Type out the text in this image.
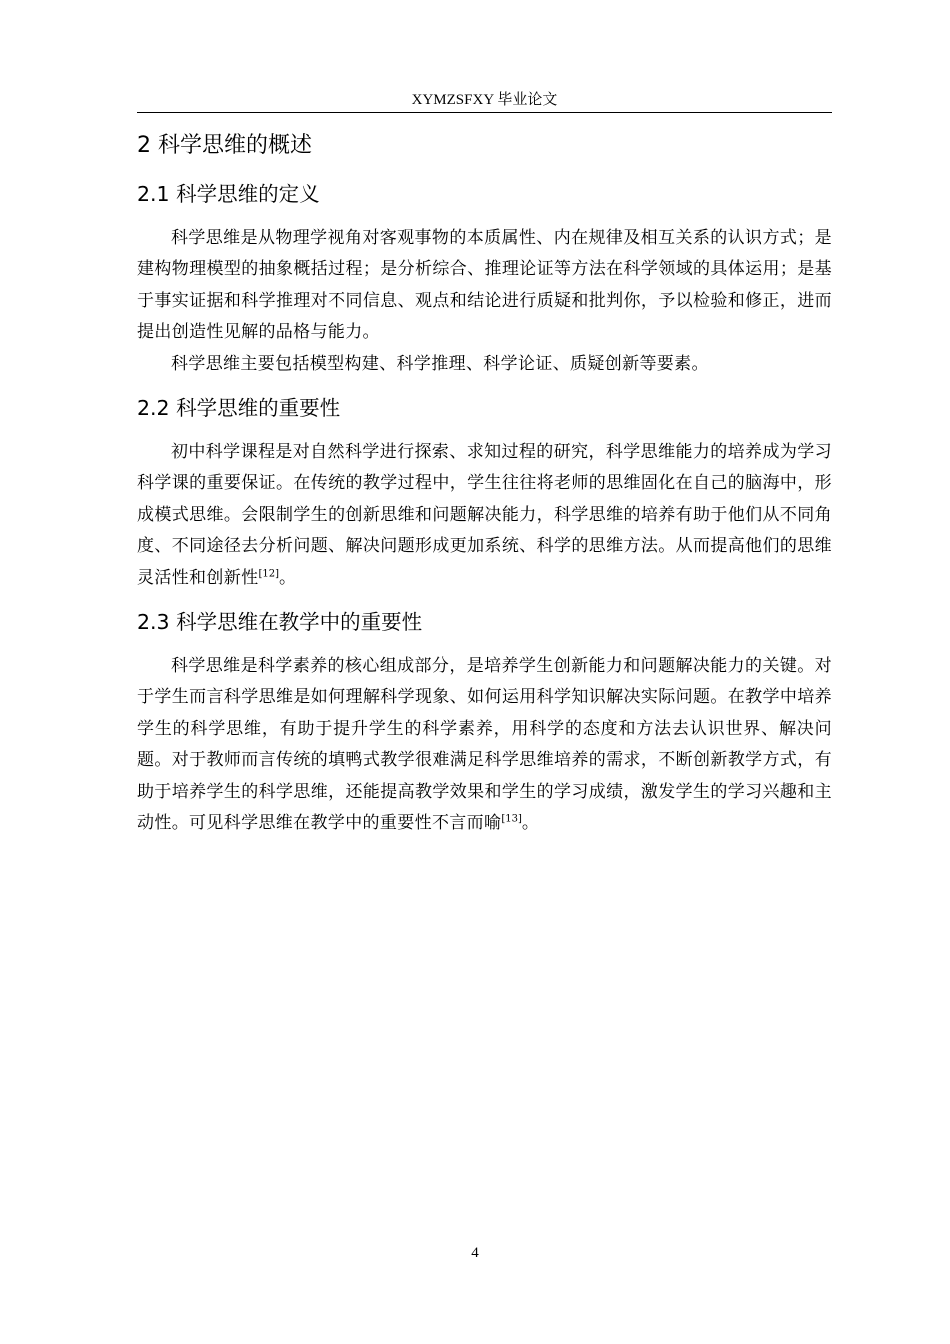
XYMZSFXY 毕业论文
2 科学思维的概述
2.1 科学思维的定义

科学思维是从物理学视角对客观事物的本质属性、内在规律及相互关系的认识方式；是建构物理模型的抽象概括过程；是分析综合、推理论证等方法在科学领域的具体运用；是基于事实证据和科学推理对不同信息、观点和结论进行质疑和批判你，予以检验和修正，进而提出创造性见解的品格与能力。

科学思维主要包括模型构建、科学推理、科学论证、质疑创新等要素。

2.2 科学思维的重要性

初中科学课程是对自然科学进行探索、求知过程的研究，科学思维能力的培养成为学习科学课的重要保证。在传统的教学过程中，学生往往将老师的思维固化在自己的脑海中，形成模式思维。会限制学生的创新思维和问题解决能力，科学思维的培养有助于他们从不同角度、不同途径去分析问题、解决问题形成更加系统、科学的思维方法。从而提高他们的思维灵活性和创新性[12]。

2.3 科学思维在教学中的重要性

科学思维是科学素养的核心组成部分，是培养学生创新能力和问题解决能力的关键。对于学生而言科学思维是如何理解科学现象、如何运用科学知识解决实际问题。在教学中培养学生的科学思维，有助于提升学生的科学素养，用科学的态度和方法去认识世界、解决问题。对于教师而言传统的填鸭式教学很难满足科学思维培养的需求，不断创新教学方式，有助于培养学生的科学思维，还能提高教学效果和学生的学习成绩，激发学生的学习兴趣和主动性。可见科学思维在教学中的重要性不言而喻[13]。

4
